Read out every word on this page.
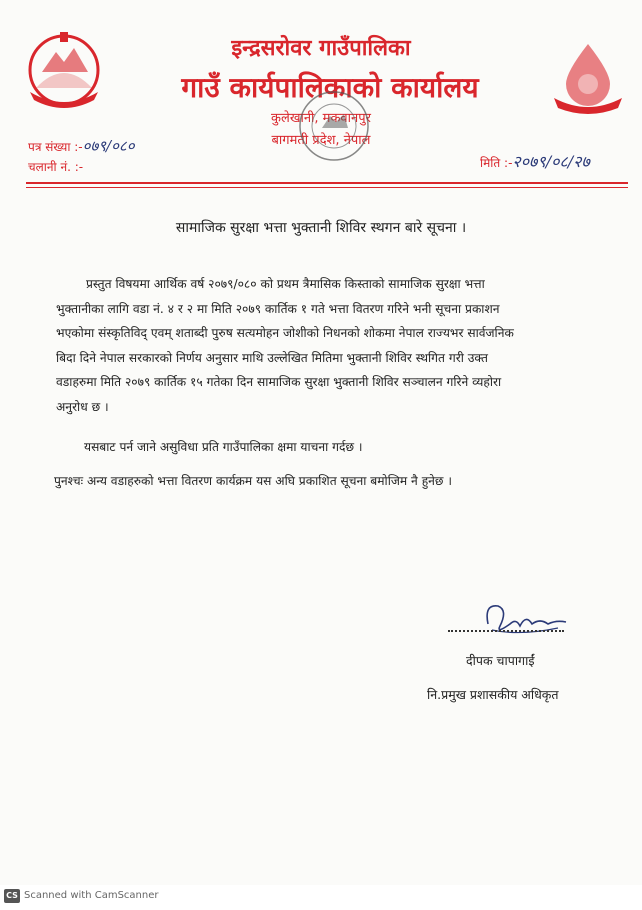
इन्द्रसरोवर गाउँपालिका
गाउँ कार्यपालिकाको कार्यालय
कुलेखानी, मकवानपुर
बागमती प्रदेश, नेपाल
पत्र संख्या :-०७९/०८०
चलानी नं. :-	मिति :-२०७९/०८/२७
सामाजिक सुरक्षा भत्ता भुक्तानी शिविर स्थगन बारे सूचना ।

प्रस्तुत विषयमा आर्थिक वर्ष २०७९/०८० को प्रथम त्रैमासिक किस्ताको सामाजिक सुरक्षा भत्ता

भुक्तानीका लागि वडा नं. ४ र २ मा मिति २०७९ कार्तिक १ गते भत्ता वितरण गरिने भनी सूचना प्रकाशन

भएकोमा संस्कृतिविद् एवम् शताब्दी पुरुष सत्यमोहन जोशीको निधनको शोकमा नेपाल राज्यभर सार्वजनिक

बिदा दिने नेपाल सरकारको निर्णय अनुसार माथि उल्लेखित मितिमा भुक्तानी शिविर स्थगित गरी उक्त

वडाहरुमा मिति २०७९ कार्तिक १५ गतेका दिन सामाजिक सुरक्षा भुक्तानी शिविर सञ्चालन गरिने व्यहोरा

अनुरोध छ ।

यसबाट पर्न जाने असुविधा प्रति गाउँपालिका क्षमा याचना गर्दछ ।
पुनश्चः अन्य वडाहरुको भत्ता वितरण कार्यक्रम यस अघि प्रकाशित सूचना बमोजिम नै हुनेछ ।
दीपक चापागाईं
नि.प्रमुख प्रशासकीय अधिकृत
CS Scanned with CamScanner
